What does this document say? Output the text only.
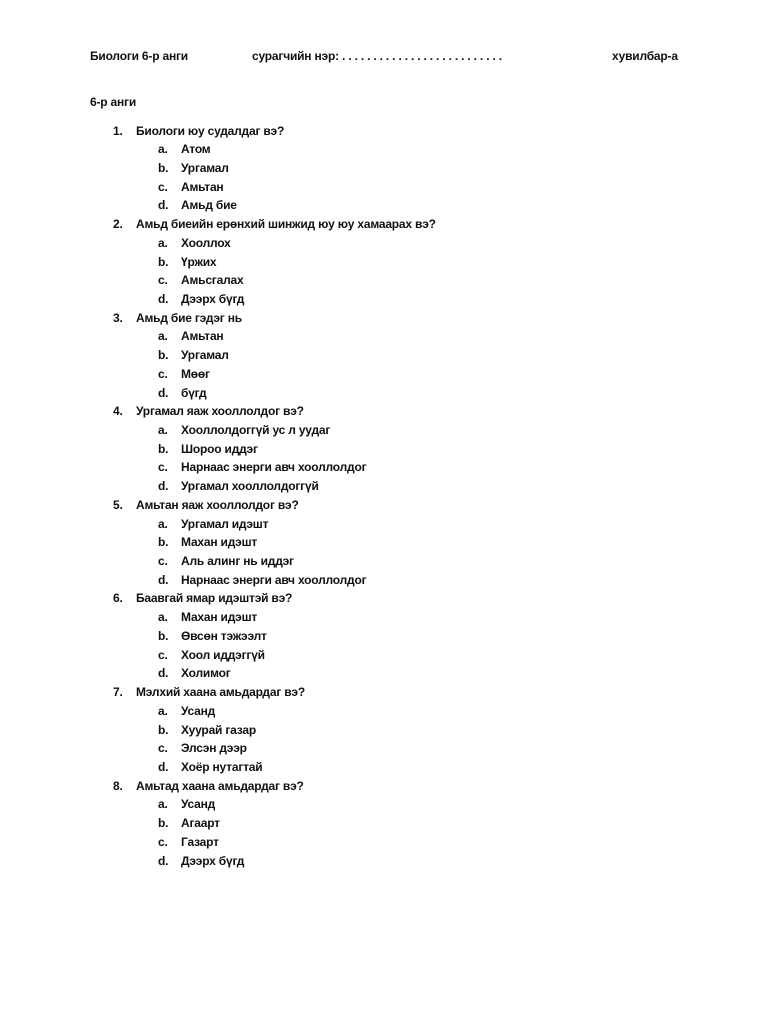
Биологи 6-р анги	сурагчийн нэр: . . . . . . . . . . . . . . . . . . . . . . . . . .	хувилбар-а
6-р анги
1.	Биологи юу судалдаг вэ?
a.	Атом
b.	Ургамал
c.	Амьтан
d.	Амьд бие
2.	Амьд биеийн ерөнхий шинжид юу юу хамаарах вэ?
a.	Хооллох
b.	Үржих
c.	Амьсгалах
d.	Дээрх бүгд
3.	Амьд бие гэдэг нь
a.	Амьтан
b.	Ургамал
c.	Мөөг
d.	бүгд
4.	Ургамал яаж хооллолдог вэ?
a.	Хооллолдоггүй ус л уудаг
b.	Шороо иддэг
c.	Нарнаас энерги авч хооллолдог
d.	Ургамал хооллолдоггүй
5.	Амьтан яаж хооллолдог вэ?
a.	Ургамал идэшт
b.	Махан идэшт
c.	Аль алинг нь иддэг
d.	Нарнаас энерги авч хооллолдог
6.	Баавгай ямар идэштэй вэ?
a.	Махан идэшт
b.	Өвсөн тэжээлт
c.	Хоол иддэггүй
d.	Холимог
7.	Мэлхий хаана амьдардаг вэ?
a.	Усанд
b.	Хуурай газар
c.	Элсэн дээр
d.	Хоёр нутагтай
8.	Амьтад хаана амьдардаг вэ?
a.	Усанд
b.	Агаарт
c.	Газарт
d.	Дээрх бүгд
